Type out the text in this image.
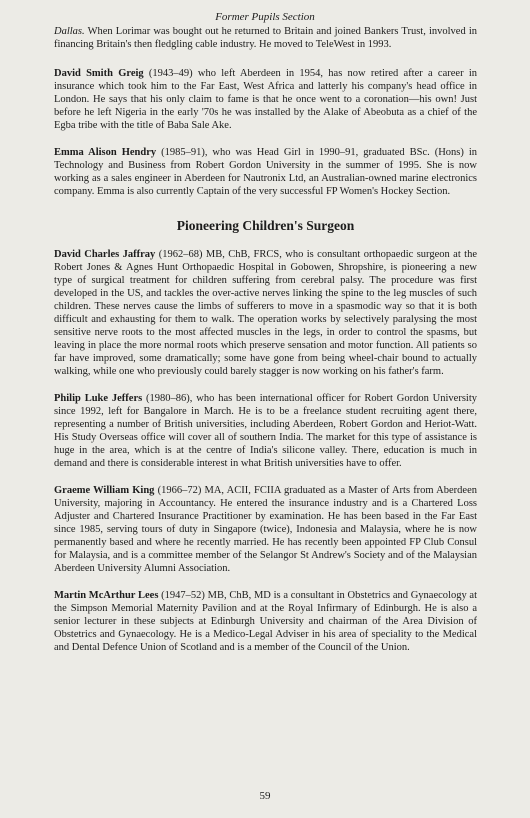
Former Pupils Section

Dallas. When Lorimar was bought out he returned to Britain and joined Bankers Trust, involved in financing Britain's then fledgling cable industry. He moved to TeleWest in 1993.

David Smith Greig (1943–49) who left Aberdeen in 1954, has now retired after a career in insurance which took him to the Far East, West Africa and latterly his company's head office in London. He says that his only claim to fame is that he once went to a coronation—his own! Just before he left Nigeria in the early '70s he was installed by the Alake of Abeobuta as a chief of the Egba tribe with the title of Baba Sale Ake.

Emma Alison Hendry (1985–91), who was Head Girl in 1990–91, graduated BSc. (Hons) in Technology and Business from Robert Gordon University in the summer of 1995. She is now working as a sales engineer in Aberdeen for Nautronix Ltd, an Australian-owned marine electronics company. Emma is also currently Captain of the very successful FP Women's Hockey Section.

Pioneering Children's Surgeon

David Charles Jaffray (1962–68) MB, ChB, FRCS, who is consultant orthopaedic surgeon at the Robert Jones & Agnes Hunt Orthopaedic Hospital in Gobowen, Shropshire, is pioneering a new type of surgical treatment for children suffering from cerebral palsy. The procedure was first developed in the US, and tackles the over-active nerves linking the spine to the leg muscles of such children. These nerves cause the limbs of sufferers to move in a spasmodic way so that it is both difficult and exhausting for them to walk. The operation works by selectively paralysing the most sensitive nerve roots to the most affected muscles in the legs, in order to control the spasms, but leaving in place the more normal roots which preserve sensation and motor function. All patients so far have improved, some dramatically; some have gone from being wheel-chair bound to actually walking, while one who previously could barely stagger is now working on his father's farm.

Philip Luke Jeffers (1980–86), who has been international officer for Robert Gordon University since 1992, left for Bangalore in March. He is to be a freelance student recruiting agent there, representing a number of British universities, including Aberdeen, Robert Gordon and Heriot-Watt. His Study Overseas office will cover all of southern India. The market for this type of assistance is huge in the area, which is at the centre of India's silicone valley. There, education is much in demand and there is considerable interest in what British universities have to offer.

Graeme William King (1966–72) MA, ACII, FCIIA graduated as a Master of Arts from Aberdeen University, majoring in Accountancy. He entered the insurance industry and is a Chartered Loss Adjuster and Chartered Insurance Practitioner by examination. He has been based in the Far East since 1985, serving tours of duty in Singapore (twice), Indonesia and Malaysia, where he is now permanently based and where he recently married. He has recently been appointed FP Club Consul for Malaysia, and is a committee member of the Selangor St Andrew's Society and of the Malaysian Aberdeen University Alumni Association.

Martin McArthur Lees (1947–52) MB, ChB, MD is a consultant in Obstetrics and Gynaecology at the Simpson Memorial Maternity Pavilion and at the Royal Infirmary of Edinburgh. He is also a senior lecturer in these subjects at Edinburgh University and chairman of the Area Division of Obstetrics and Gynaecology. He is a Medico-Legal Adviser in his area of speciality to the Medical and Dental Defence Union of Scotland and is a member of the Council of the Union.

59
